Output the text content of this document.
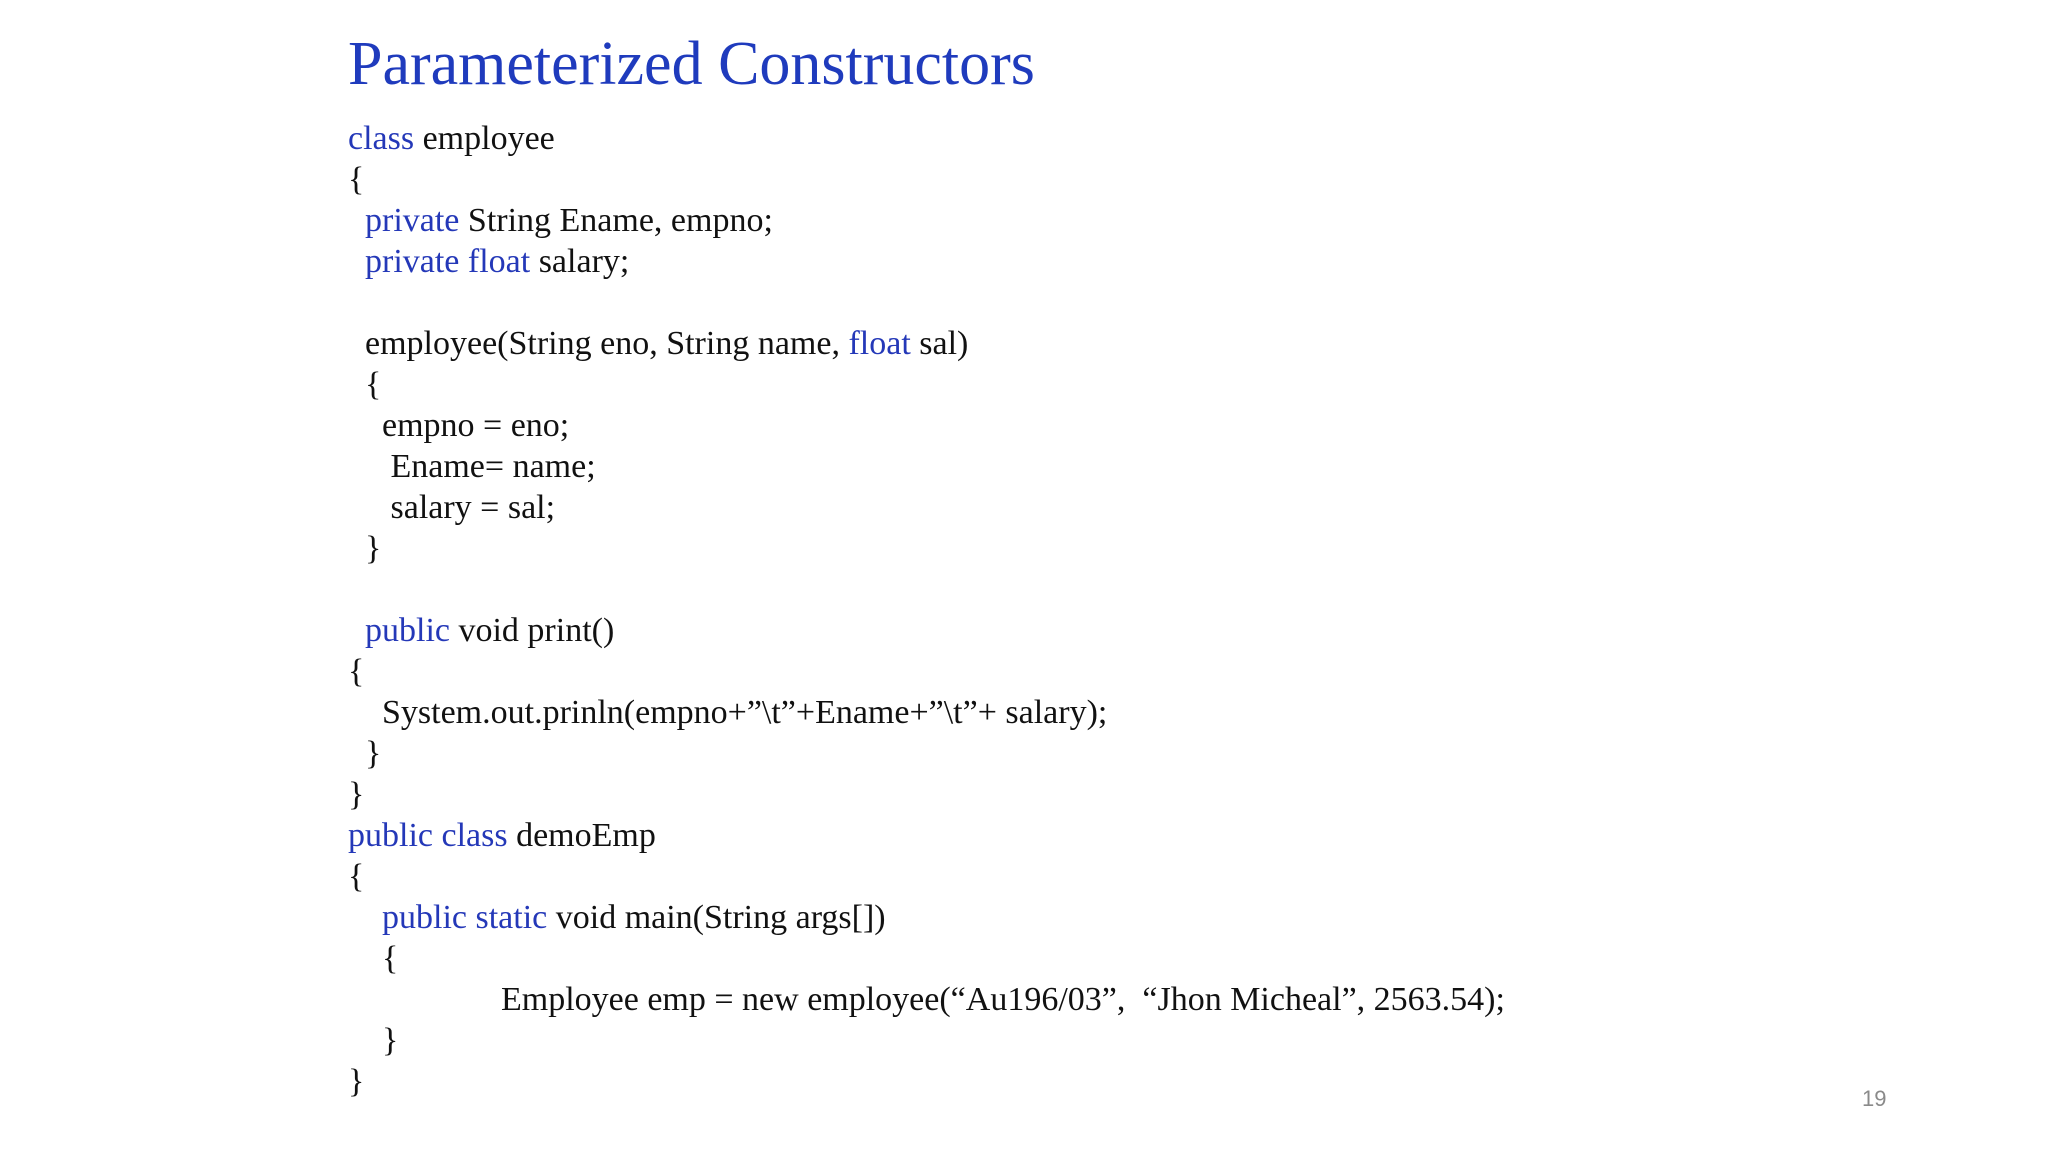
Parameterized Constructors
class employee
{
private String Ename, empno;
private float salary;
employee(String eno, String name, float sal)
{
empno = eno;
Ename= name;
salary = sal;
}
public void print()
{
System.out.prinln(empno+”\t”+Ename+”\t”+ salary);
}
}
public class demoEmp
{
public static void main(String args[])
{
Employee emp = new employee(“Au196/03”,  “Jhon Micheal”, 2563.54);
}
}	19
